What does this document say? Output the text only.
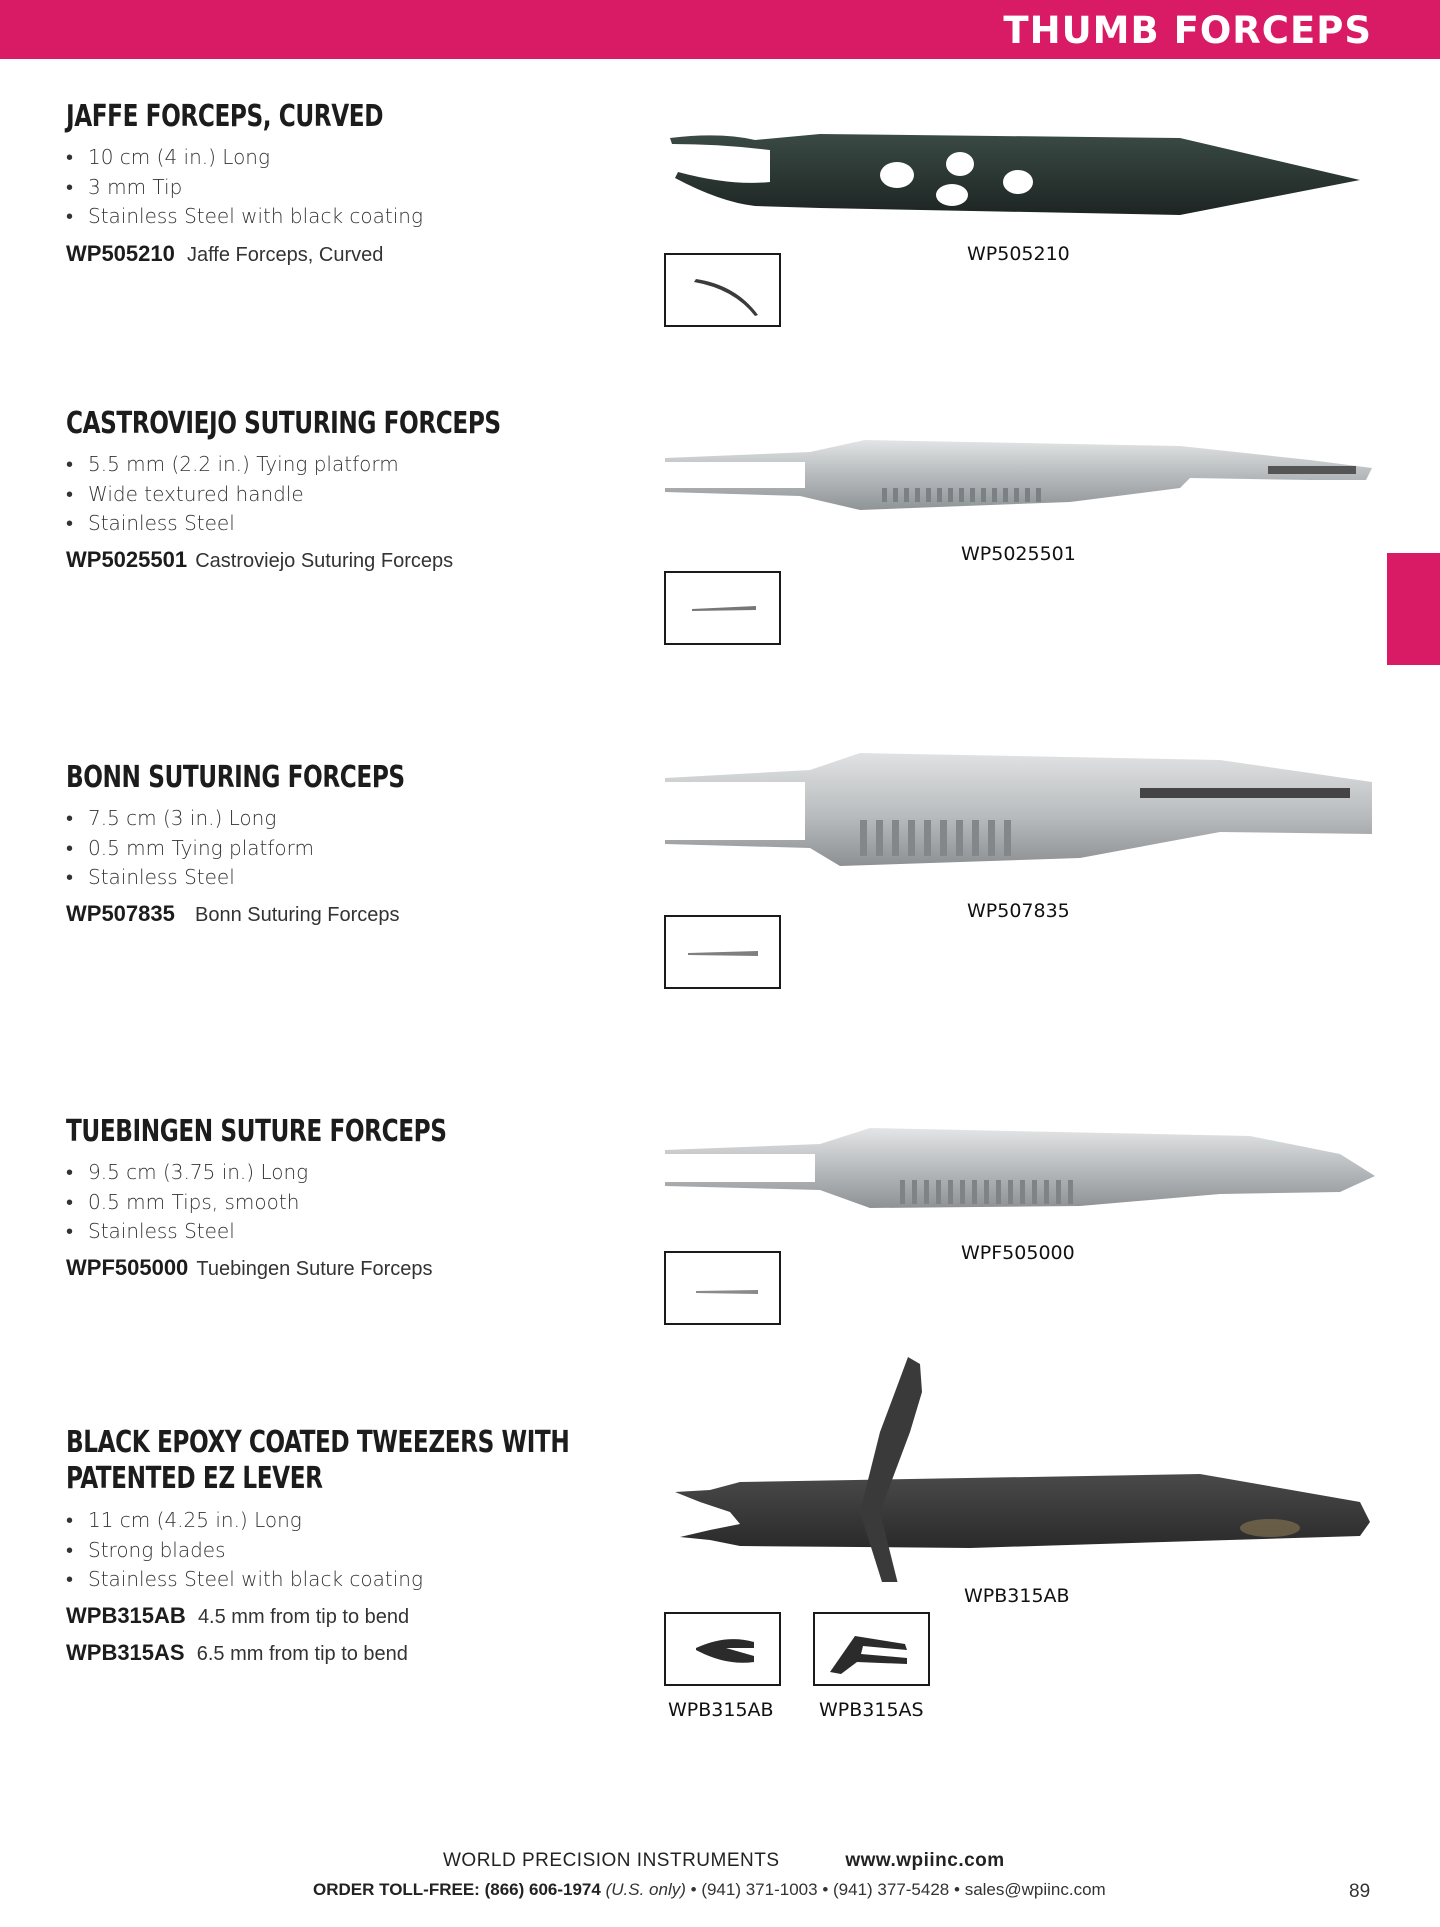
THUMB FORCEPS
JAFFE FORCEPS, CURVED
• 10 cm (4 in.) Long
• 3 mm Tip
• Stainless Steel with black coating
WP505210 Jaffe Forceps, Curved	WP505210
CASTROVIEJO SUTURING FORCEPS
• 5.5 mm (2.2 in.) Tying platform
• Wide textured handle
• Stainless Steel
WP5025501 Castroviejo Suturing Forceps	WP5025501
BONN SUTURING FORCEPS
• 7.5 cm (3 in.) Long
• 0.5 mm Tying platform
• Stainless Steel
WP507835 Bonn Suturing Forceps	WP507835
TUEBINGEN SUTURE FORCEPS
• 9.5 cm (3.75 in.) Long
• 0.5 mm Tips, smooth
• Stainless Steel
WPF505000 Tuebingen Suture Forceps
WPF505000
BLACK EPOXY COATED TWEEZERS WITH
PATENTED EZ LEVER
• 11 cm (4.25 in.) Long
• Strong blades
• Stainless Steel with black coating
WPB315AB 4.5 mm from tip to bend
WPB315AS 6.5 mm from tip to bend
WPB315AB
WPB315AB WPB315AS
WORLD PRECISION INSTRUMENTS	www.wpiinc.com
ORDER TOLL-FREE: (866) 606-1974 (U.S. only) • (941) 371-1003 • (941) 377-5428 • sales@wpiinc.com	89
